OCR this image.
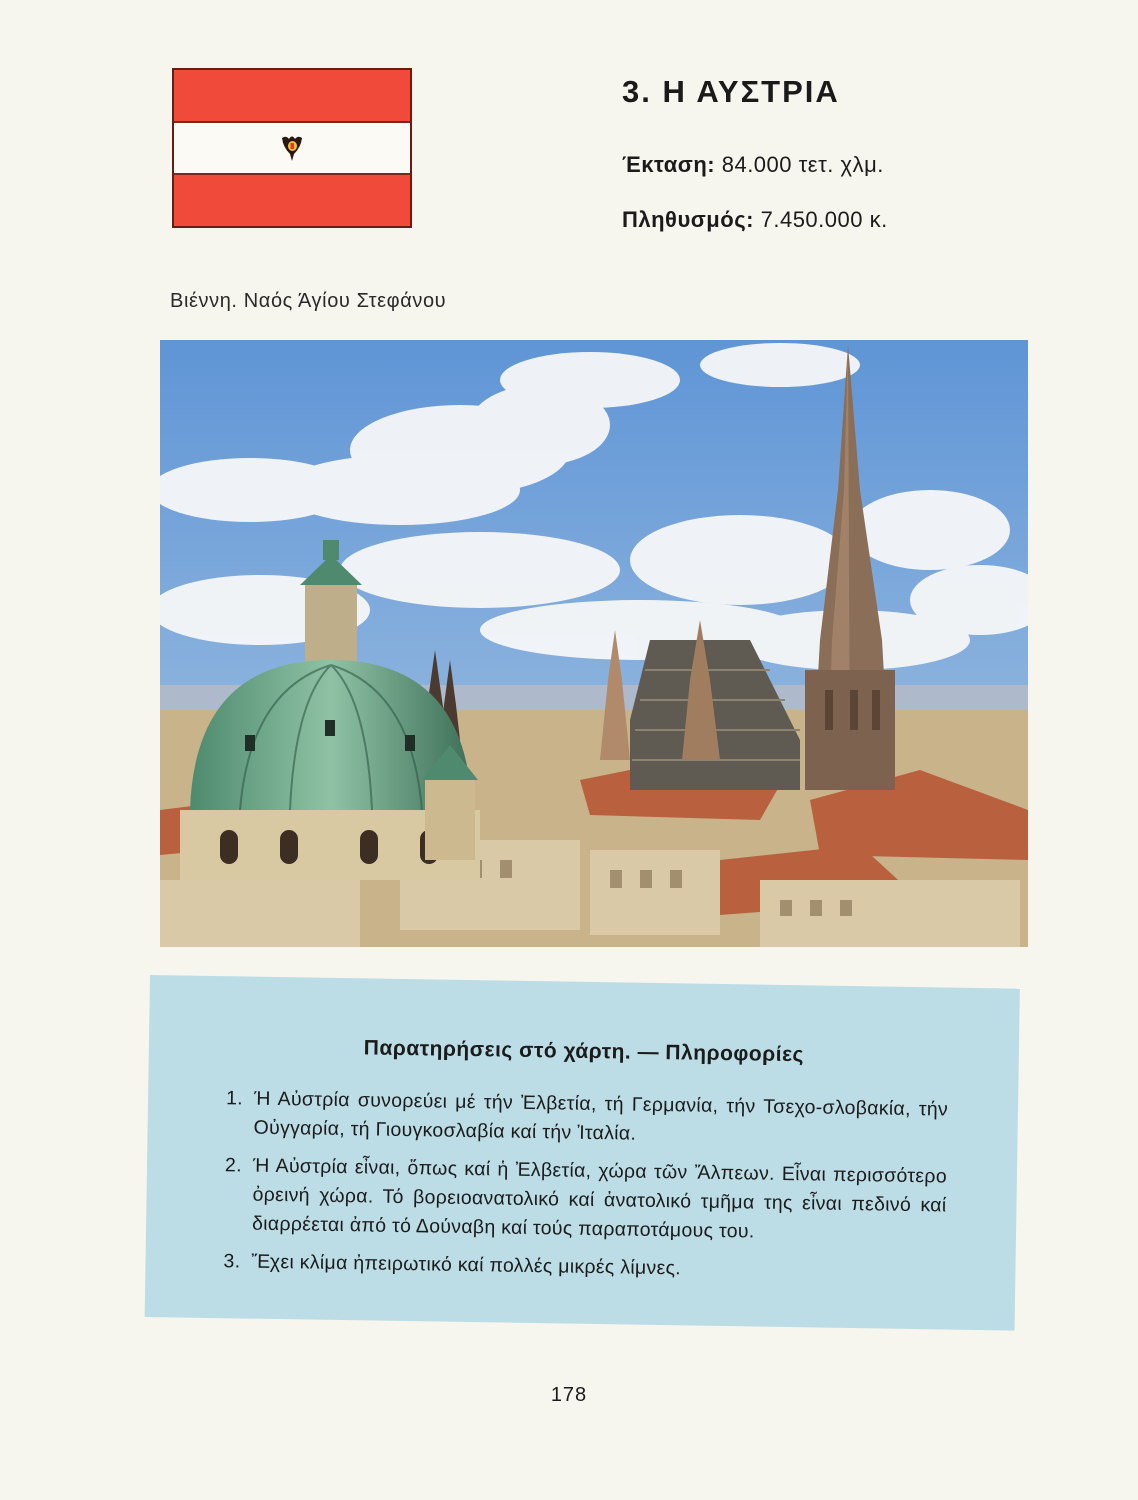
3. Η ΑΥΣΤΡΙΑ
Έκταση: 84.000 τετ. χλμ.
Πληθυσμός: 7.450.000 κ.
Βιέννη. Ναός Άγίου Στεφάνου
Παρατηρήσεις στό χάρτη. — Πληροφορίες
1. Ή Αὐστρία συνορεύει μέ τήν Ἐλβετία, τή Γερμανία, τήν Τσεχο-σλοβακία, τήν Οὐγγαρία, τή Γιουγκοσλαβία καί τήν Ἰταλία.
2. Ή Αὐστρία εἶναι, ὅπως καί ἡ Ἐλβετία, χώρα τῶν Ἄλπεων. Εἶναι περισσότερο ὀρεινή χώρα. Τό βορειοανατολικό καί ἀνατολικό τμῆμα της εἶναι πεδινό καί διαρρέεται ἀπό τό Δούναβη καί τούς παραποτάμους του.
3. Ἔχει κλίμα ἠπειρωτικό καί πολλές μικρές λίμνες.
178
